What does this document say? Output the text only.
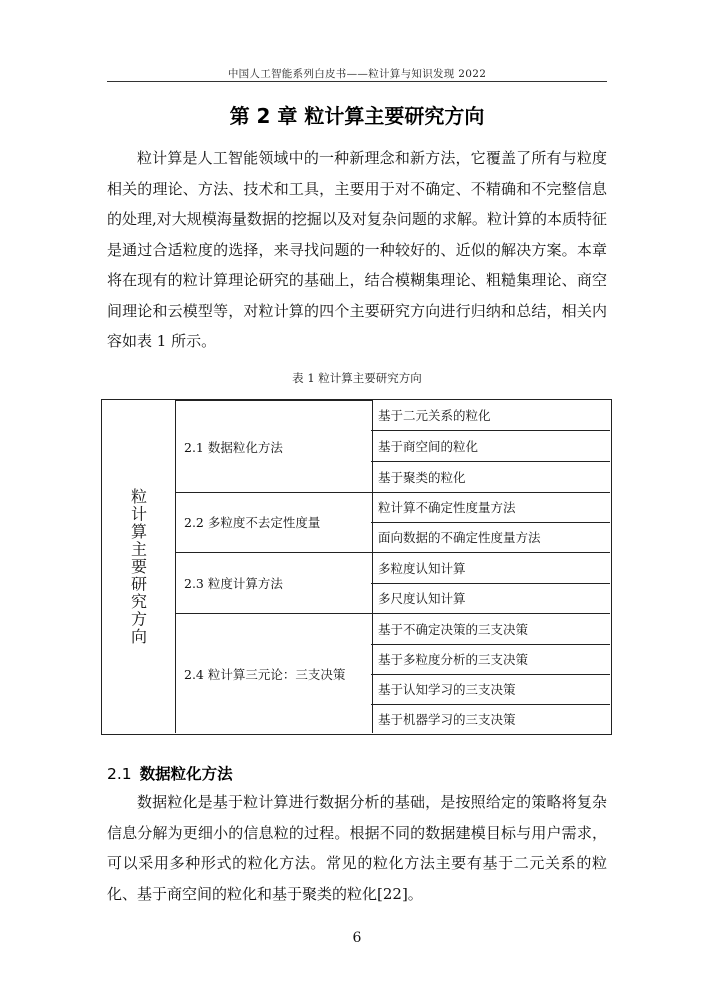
中国人工智能系列白皮书——粒计算与知识发现 2022
第 2 章 粒计算主要研究方向

粒计算是人工智能领域中的一种新理念和新方法，它覆盖了所有与粒度相关的理论、方法、技术和工具，主要用于对不确定、不精确和不完整信息的处理,对大规模海量数据的挖掘以及对复杂问题的求解。粒计算的本质特征是通过合适粒度的选择，来寻找问题的一种较好的、近似的解决方案。本章将在现有的粒计算理论研究的基础上，结合模糊集理论、粗糙集理论、商空间理论和云模型等，对粒计算的四个主要研究方向进行归纳和总结，相关内容如表 1 所示。

表 1 粒计算主要研究方向
粒计算主要研究方向
2.1 数据粒化方法
基于二元关系的粒化
基于商空间的粒化
基于聚类的粒化
2.2 多粒度不去定性度量
粒计算不确定性度量方法
面向数据的不确定性度量方法
2.3 粒度计算方法
多粒度认知计算
多尺度认知计算
2.4 粒计算三元论：三支决策
基于不确定决策的三支决策
基于多粒度分析的三支决策
基于认知学习的三支决策
基于机器学习的三支决策
2.1 数据粒化方法

数据粒化是基于粒计算进行数据分析的基础，是按照给定的策略将复杂信息分解为更细小的信息粒的过程。根据不同的数据建模目标与用户需求，可以采用多种形式的粒化方法。常见的粒化方法主要有基于二元关系的粒化、基于商空间的粒化和基于聚类的粒化[22]。

6
